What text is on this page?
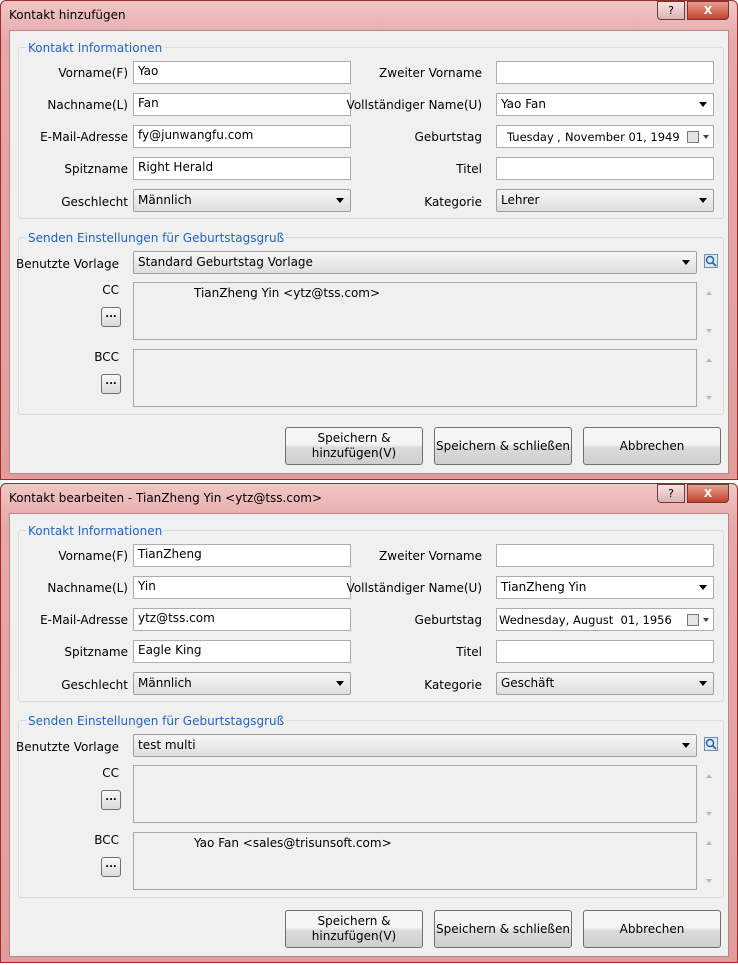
Kontakt hinzufügen	?	X
Kontakt Informationen
Vorname(F) Yao
Nachname(L) Fan
E-Mail-Adresse fy@junwangfu.com
Spitzname Right Herald
Geschlecht Männlich
Zweiter Vorname
Vollständiger Name(U)	Yao Fan
Geburtstag Tuesday , November 01, 1949
Titel
Kategorie	Lehrer
Senden Einstellungen für Geburtstagsgruß
Benutzte Vorlage	Standard Geburtstag Vorlage
CC
...
TianZheng Yin <ytz@tss.com>
BCC
...
Speichern & hinzufügen(V)
Speichern & schließen	Abbrechen
Kontakt bearbeiten - TianZheng Yin <ytz@tss.com>	?	X
Kontakt Informationen
Vorname(F) TianZheng
Nachname(L) Yin
E-Mail-Adresse ytz@tss.com
Spitzname Eagle King
Geschlecht Männlich
Zweiter Vorname
Vollständiger Name(U)	TianZheng Yin
Geburtstag Wednesday, August  01, 1956
Titel
Kategorie	Geschäft
Senden Einstellungen für Geburtstagsgruß
Benutzte Vorlage	test multi
CC
...
BCC
...
Yao Fan <sales@trisunsoft.com>
Speichern & hinzufügen(V)
Speichern & schließen	Abbrechen
